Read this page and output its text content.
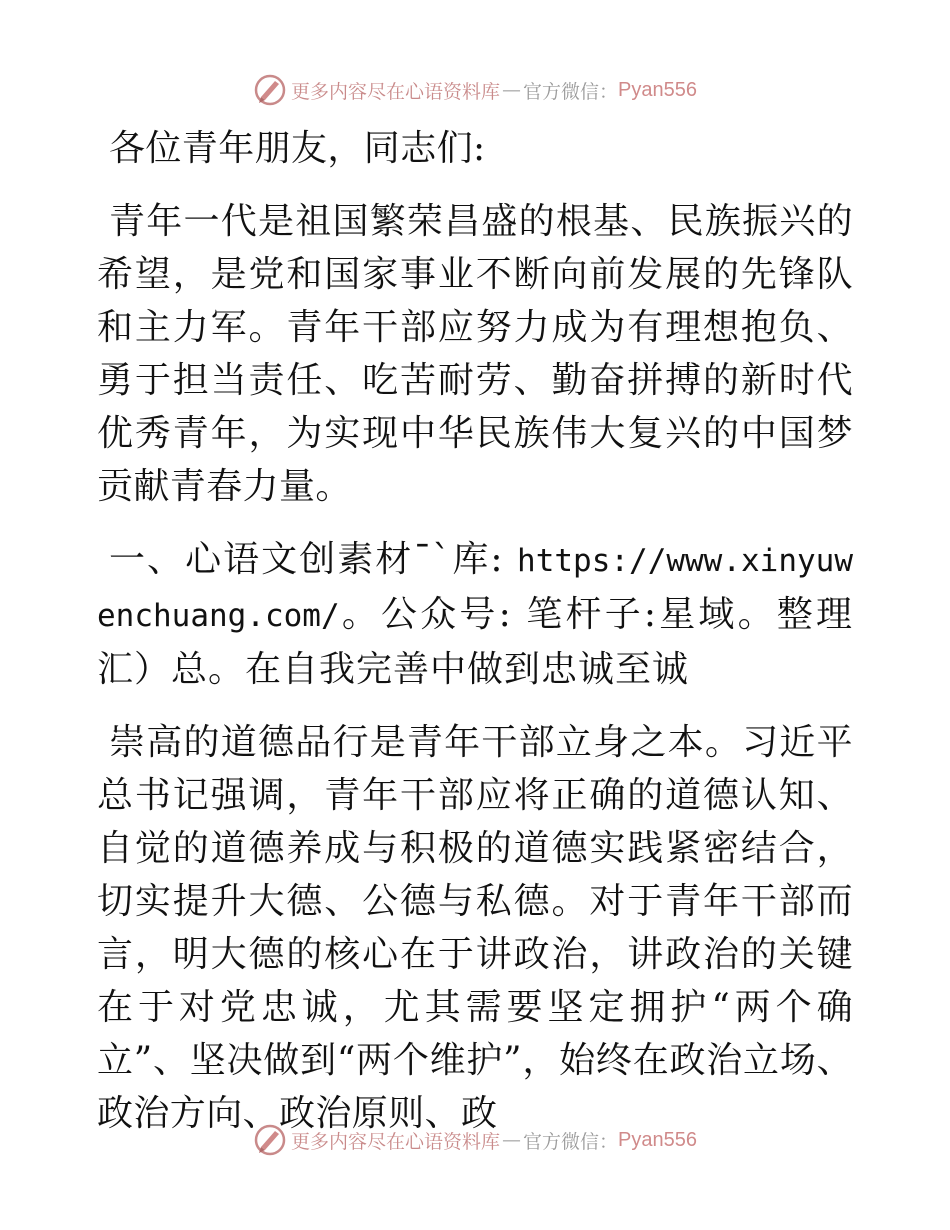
更多内容尽在心语资料库 — 官方微信： Pyan556

各位青年朋友，同志们:

青年一代是祖国繁荣昌盛的根基、民族振兴的希望，是党和国家事业不断向前发展的先锋队和主力军。青年干部应努力成为有理想抱负、勇于担当责任、吃苦耐劳、勤奋拼搏的新时代优秀青年，为实现中华民族伟大复兴的中国梦贡献青春力量。

一、心语文创素材¯`库: https://www.xinyuwenchuang.com/。公众号: 笔杆子:星域。整理汇）总。在自我完善中做到忠诚至诚

崇高的道德品行是青年干部立身之本。习近平总书记强调，青年干部应将正确的道德认知、自觉的道德养成与积极的道德实践紧密结合，切实提升大德、公德与私德。对于青年干部而言，明大德的核心在于讲政治，讲政治的关键在于对党忠诚，尤其需要坚定拥护“两个确立”、坚决做到“两个维护”，始终在政治立场、政治方向、政治原则、政

更多内容尽在心语资料库 — 官方微信： Pyan556
